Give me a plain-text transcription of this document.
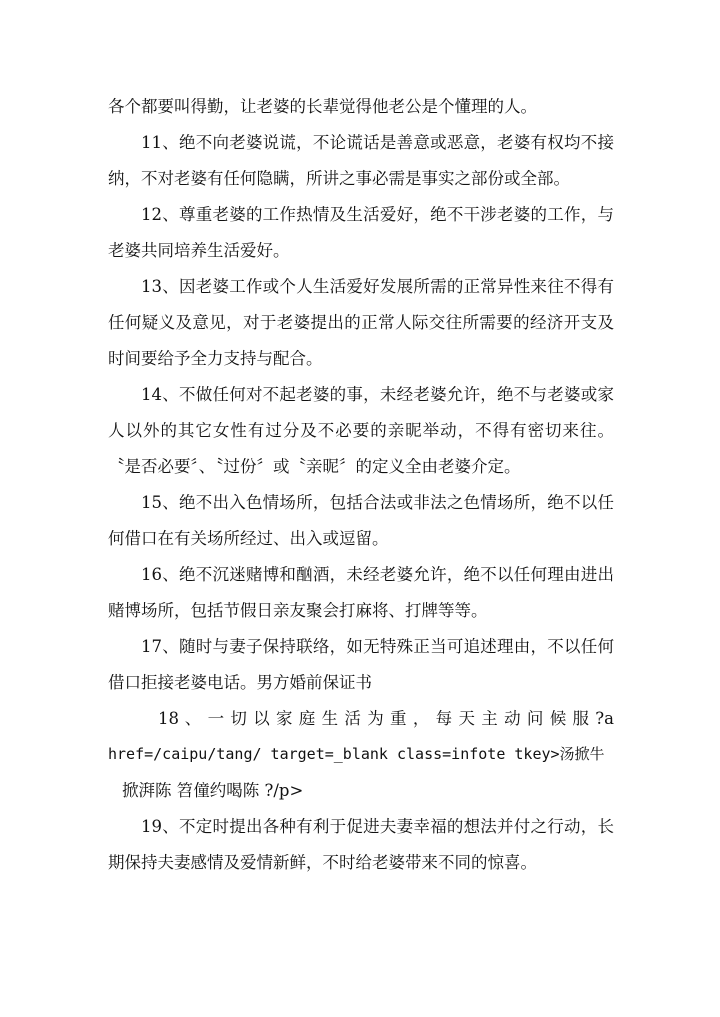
各个都要叫得勤，让老婆的长辈觉得他老公是个懂理的人。
11、绝不向老婆说谎，不论谎话是善意或恶意，老婆有权均不接
纳，不对老婆有任何隐瞒，所讲之事必需是事实之部份或全部。
12、尊重老婆的工作热情及生活爱好，绝不干涉老婆的工作，与
老婆共同培养生活爱好。
13、因老婆工作或个人生活爱好发展所需的正常异性来往不得有
任何疑义及意见，对于老婆提出的正常人际交往所需要的经济开支及
时间要给予全力支持与配合。
14、不做任何对不起老婆的事，未经老婆允许，绝不与老婆或家
人以外的其它女性有过分及不必要的亲昵举动，不得有密切来往。
〝是否必要〞、〝过份〞或〝亲昵〞的定义全由老婆介定。
15、绝不出入色情场所，包括合法或非法之色情场所，绝不以任
何借口在有关场所经过、出入或逗留。
16、绝不沉迷赌博和酗酒，未经老婆允许，绝不以任何理由进出
赌博场所，包括节假日亲友聚会打麻将、打牌等等。
17、随时与妻子保持联络，如无特殊正当可追述理由，不以任何
借口拒接老婆电话。男方婚前保证书
18 、 一 切 以 家 庭 生 活 为 重 ， 每 天 主 动 问 候 服 ?a
href=/caipu/tang/ target=_blank class=infote tkey>汤掀牛
掀湃陈 笤僮约喝陈 ?/p>
19、不定时提出各种有利于促进夫妻幸福的想法并付之行动，长
期保持夫妻感情及爱情新鲜，不时给老婆带来不同的惊喜。
